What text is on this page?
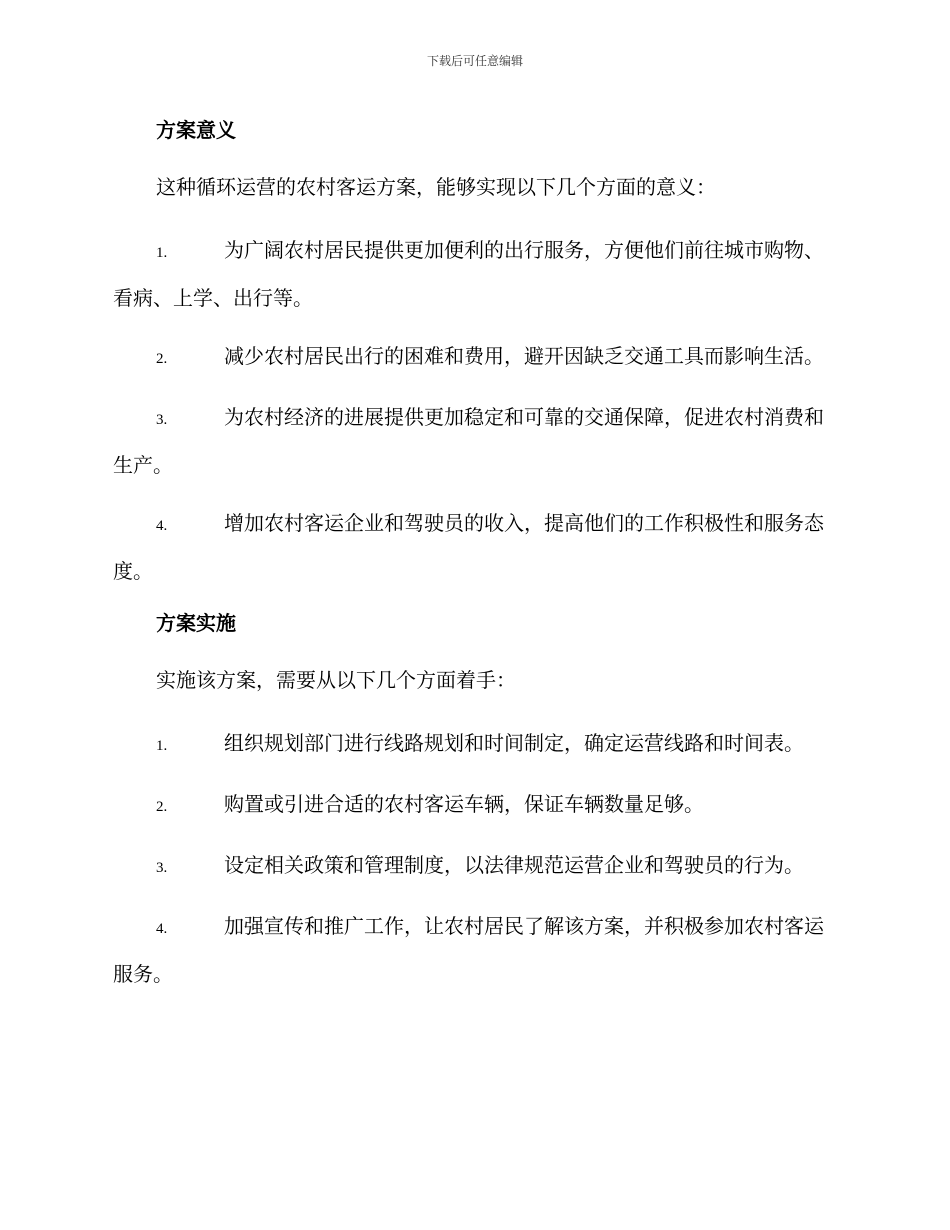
下载后可任意编辑
方案意义
这种循环运营的农村客运方案，能够实现以下几个方面的意义：
1.	为广阔农村居民提供更加便利的出行服务，方便他们前往城市购物、看病、上学、出行等。
2.	减少农村居民出行的困难和费用，避开因缺乏交通工具而影响生活。
3.	为农村经济的进展提供更加稳定和可靠的交通保障，促进农村消费和生产。
4.	增加农村客运企业和驾驶员的收入，提高他们的工作积极性和服务态度。
方案实施
实施该方案，需要从以下几个方面着手：
1.	组织规划部门进行线路规划和时间制定，确定运营线路和时间表。
2.	购置或引进合适的农村客运车辆，保证车辆数量足够。
3.	设定相关政策和管理制度，以法律规范运营企业和驾驶员的行为。
4.	加强宣传和推广工作，让农村居民了解该方案，并积极参加农村客运服务。
